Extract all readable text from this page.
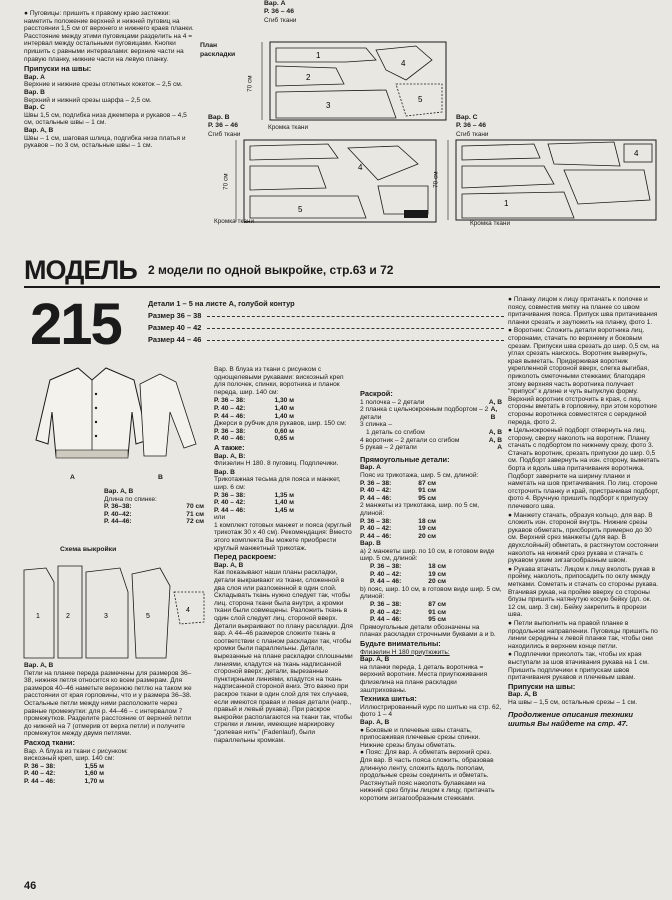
● Пуговицы: пришить к правому краю застежки: наметить положение верхней и нижней пуговиц на расстоянии 1,5 см от верхнего и нижнего краев планки. Расстояние между этими пуговицами разделить на 4 = интервал между остальными пуговицами. Кнопки пришить с равными интервалами: верхние части на правую планку, нижние части на левую планку.
Припуски на швы:
Вар. А
Верхние и нижние срезы отлетных кокеток – 2,5 см.
Вар. В
Верхний и нижний срезы шарфа – 2,5 см.
Вар. С
Швы 1,5 см, подгибка низа джемпера и рукавов – 4,5 см, остальные швы – 1 см.
Вар. А, В
Швы – 1 см, шаговая шлица, подгибка низа платья и рукавов – по 3 см, остальные швы – 1 см.
План
раскладки
Вар. А
Р. 36 – 46
Сгиб ткани
1
2
3
4
5
70 см
Вар. В
Р. 36 – 46
Сгиб ткани
Кромка ткани
4
5
70 см
Кромка ткани
Вар. С
Р. 36 – 46
Сгиб ткани
4
1
70 см
Кромка ткани
МОДЕЛЬ 2 модели по одной выкройке, стр.63 и 72
215	Детали 1 – 5 на листе А, голубой контур
Размер 36 – 38
Размер 40 – 42
Размер 44 – 46
А	В
Вар. А, В
Длина по спинке:
Р. 36–38:	70 см
Р. 40–42:	71 см
Р. 44–46:	72 см
Схема выкройки
1	2	3	5
4
Вар. А, В
Петли на планке переда размечены для размеров 36–38, нижняя петля относится ко всем размерам. Для размеров 40–46 наметьте верхнюю петлю на таком же расстоянии от края горловины, что и у размера 36–38. Остальные петли между ними расположите через равные промежутки: для р. 44–46 – с интервалом 7 промежутков. Разделите расстояние от верхней петли до нижней на 7 (отмерив от верха петли) и получите промежуток между двумя петлями.
Расход ткани:
Вар. А блуза из ткани с рисунком:
вискозный креп, шир. 140 см:
Р. 36 – 38:	1,55 м
Р. 40 – 42:	1,60 м
Р. 44 – 46:	1,70 м
Вар. В блуза из ткани с рисунком с однощелевыми рукавами: вискозный креп для полочек, спинки, воротника и планок переда, шир. 140 см:
Р. 36 – 38:	1,30 м
Р. 40 – 42:	1,40 м
Р. 44 – 46:	1,40 м
Джерси в рубчик для рукавов, шир. 150 см:
Р. 36 – 38:	0,60 м
Р. 40 – 46:	0,65 м
А также:
Вар. А, В:
Флизелин Н 180. 8 пуговиц. Подплечики.
Вар. В
Трикотажная тесьма для пояса и манжет, шир. 6 см:
Р. 36 – 38:	1,35 м
Р. 40 – 42:	1,40 м
Р. 44 – 46:	1,45 м
или
1 комплект готовых манжет и пояса (круглый трикотаж 30 x 40 см). Рекомендация: Вместо этого комплекта Вы можете приобрести круглый манжетный трикотаж.
Перед раскроем:
Вар. А, В
Как показывают наши планы раскладки, детали выкраивают из ткани, сложенной в два слоя или разложенной в один слой. Складывать ткань нужно следует так, чтобы лиц. сторона ткани была внутри, а кромки ткани были совмещены. Разложить ткань в один слой следует лиц. стороной вверх. Детали выкраивают по плану раскладки. Для вар. А 44–46 размеров сложите ткань в соответствии с планом раскладки так, чтобы кромки были параллельны. Детали, вырезанные на плане раскладки сплошными линиями, кладутся на ткань надписанной стороной вверх; детали, вырезанные пунктирными линиями, кладутся на ткань надписанной стороной вниз. Это важно при раскрое ткани в один слой для тех случаев, если имеются правая и левая детали (напр., правый и левый рукава). При раскрое выкройки располагаются на ткани так, чтобы стрелки и линии, имеющие маркировку "долевая нить" (Fadenlauf), были параллельны кромкам.
Раскрой:
1 полочка – 2 детали	А, В
2 планка с цельнокроеным подбортом – 2 детали
А, В
3 спинка –
1 деталь со сгибом	А, В
4 воротник – 2 детали со сгибом	А, В
5 рукав – 2 детали	А
Прямоугольные детали:
Вар. А
Пояс из трикотажа, шир. 5 см, длиной:
Р. 36 – 38:	87 см
Р. 40 – 42:	91 см
Р. 44 – 46:	95 см
2 манжеты из трикотажа, шир. по 5 см, длиной:
Р. 36 – 38:	18 см
Р. 40 – 42:	19 см
Р. 44 – 46:	20 см
Вар. В
а) 2 манжеты шир. по 10 см, в готовом виде шир. 5 см, длиной:
Р. 36 – 38:	18 см
Р. 40 – 42:	19 см
Р. 44 – 46:	20 см
b) пояс, шир. 10 см, в готовом виде шир. 5 см, длиной:
Р. 36 – 38:	87 см
Р. 40 – 42:	91 см
Р. 44 – 46:	95 см
Прямоугольные детали обозначены на планах раскладки строчными буквами а и b.
Будьте внимательны:
Флизелин Н 180 приутюжить:
Вар. А, В
на планки переда, 1 деталь воротника = верхний воротник. Места приутюживания флизелина на плане раскладки заштрихованы.
Техника шитья:
Иллюстрированный курс по шитью на стр. 62, фото 1 – 4
Вар. А, В
● Боковые и плечевые швы стачать, припосаживая плечевые срезы спинки. Нижние срезы блузы обметать.
● Пояс: Для вар. А обметать верхний срез. Для вар. В часть пояса сложить, образовав длинную ленту, сложить вдоль пополам, продольные срезы соединить и обметать. Растянутый пояс наколоть булавками на нижний срез блузы лицом к лицу, притачать коротким зигзагообразным стежками.
● Планку лицом к лицу притачать к полочке и поясу, совместив метку на планке со швом притачивания пояса. Припуск шва притачивания планки срезать и заутюжить на планку, фото 1.
● Воротник: Сложить детали воротника лиц. сторонами, стачать по верхнему и боковым срезам. Припуски шва срезать до шир. 0,5 см, на углах срезать наискось. Воротник вывернуть, края выметать. Придерживая воротник укрепленной стороной вверх, слегка выгибая, приколоть сметочными стежками; благодаря этому верхняя часть воротника получает "припуск" к длине и чуть выпуклую форму. Верхний воротник отстрочить в края, с лиц. стороны вметать в горловину, при этом короткие стороны воротника совместятся с серединой переда, фото 2.
● Цельнокроеный подборт отвернуть на лиц. сторону, сверху наколоть на воротник. Планку стачать с подбортом по нижнему срезу, фото 3. Стачать воротник, срезать припуски до шир. 0,5 см. Подборт завернуть на изн. сторону, выметать борта и вдоль шва притачивания воротника. Подборт заверните на ширину планки и наметать на шов притачивания. По лиц. стороне отстрочить планку и край, пристрачивая подборт, фото 4. Вручную пришить подборт к припуску плечевого шва.
● Манжету стачать, образуя кольцо, для вар. В сложить изн. стороной внутрь. Нижние срезы рукавов обметать, присборить примерно до 30 см. Верхний срез манжеты (для вар. В двухслойный) обметать, в растянутом состоянии наколоть на нижний срез рукава и стачать с рукавом узким зигзагообразным швом.
● Рукава втачать: Лицом к лицу вколоть рукав в пройму, наколоть, припосадить по оклу между метками. Сометать и стачать со стороны рукава. Втачивая рукав, на пройме вверху со стороны блузы пришить натянутую косую бейку (дл. ок. 12 см, шир. 3 см). Бейку закрепить в прорези шва.
● Петли выполнить на правой планке в продольном направлении. Пуговицы пришить по линии середины к левой планке так, чтобы они находились в верхнем конце петли.
● Подплечики приколоть так, чтобы их края выступали за шов втачивания рукава на 1 см. Пришить подплечики к припускам швов притачивания рукавов и плечевым швам.
Припуски на швы:
Вар. А, В
На швы – 1,5 см, остальные срезы – 1 см.
Продолжение описания техники шитья Вы найдете на стр. 47.
46
